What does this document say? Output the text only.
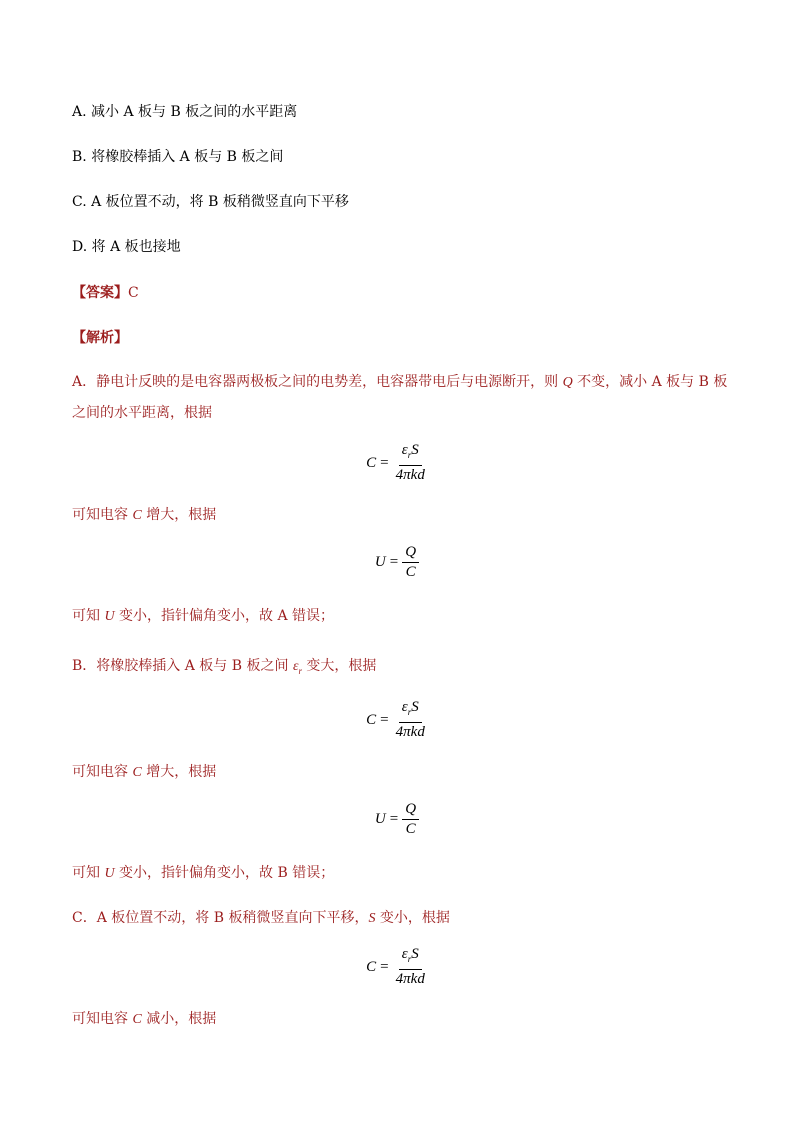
A. 减小 A 板与 B 板之间的水平距离
B. 将橡胶棒插入 A 板与 B 板之间
C. A 板位置不动，将 B 板稍微竖直向下平移
D. 将 A 板也接地
【答案】C
【解析】
A．静电计反映的是电容器两极板之间的电势差，电容器带电后与电源断开，则 Q 不变，减小 A 板与 B 板
之间的水平距离，根据
$C = \frac{\varepsilon_rS}{\text{4πkd}}$
可知电容 C 增大，根据
$U = \frac{Q}{C}$
可知 U 变小，指针偏角变小，故 A 错误；
B．将橡胶棒插入 A 板与 B 板之间 $\varepsilon_r$ 变大，根据
$C = \frac{\varepsilon_rS}{\text{4πkd}}$
可知电容 C 增大，根据
$U = \frac{Q}{C}$
可知 U 变小，指针偏角变小，故 B 错误；
C．A 板位置不动，将 B 板稍微竖直向下平移，S 变小，根据
$C = \frac{\varepsilon_rS}{\text{4πkd}}$
可知电容 C 减小，根据
